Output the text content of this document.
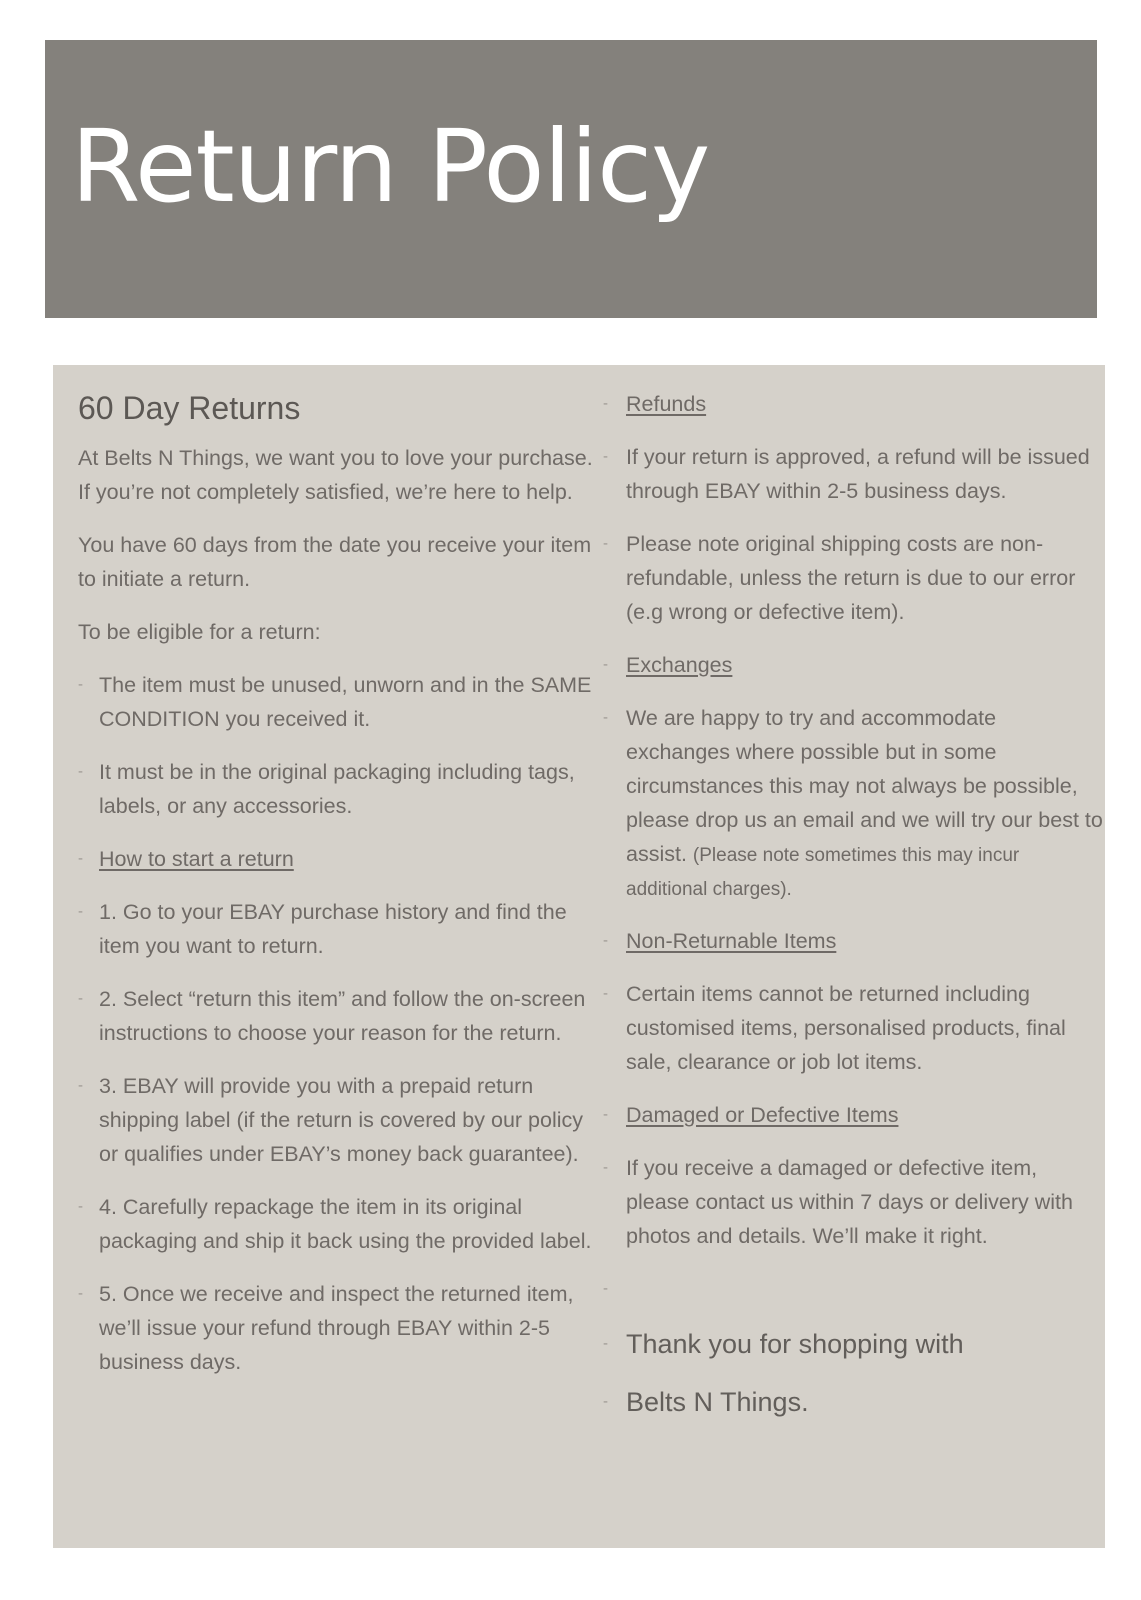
Return Policy
60 Day Returns

At Belts N Things, we want you to love your purchase. If you’re not completely satisfied, we’re here to help.

You have 60 days from the date you receive your item to initiate a return.

To be eligible for a return:

- The item must be unused, unworn and in the SAME CONDITION you received it.
- It must be in the original packaging including tags, labels, or any accessories.
- How to start a return
- 1. Go to your EBAY purchase history and find the item you want to return.
- 2. Select “return this item” and follow the on-screen instructions to choose your reason for the return.
- 3. EBAY will provide you with a prepaid return shipping label (if the return is covered by our policy or qualifies under EBAY’s money back guarantee).
- 4. Carefully repackage the item in its original packaging and ship it back using the provided label.
- 5. Once we receive and inspect the returned item, we’ll issue your refund through EBAY within 2-5 business days.
- Refunds
- If your return is approved, a refund will be issued through EBAY within 2-5 business days.
- Please note original shipping costs are non-refundable, unless the return is due to our error (e.g wrong or defective item).
- Exchanges
- We are happy to try and accommodate exchanges where possible but in some circumstances this may not always be possible, please drop us an email and we will try our best to assist. (Please note sometimes this may incur additional charges).
- Non-Returnable Items
- Certain items cannot be returned including customised items, personalised products, final sale, clearance or job lot items.
- Damaged or Defective Items
- If you receive a damaged or defective item, please contact us within 7 days or delivery with photos and details. We’ll make it right.
-
- Thank you for shopping with
- Belts N Things.
